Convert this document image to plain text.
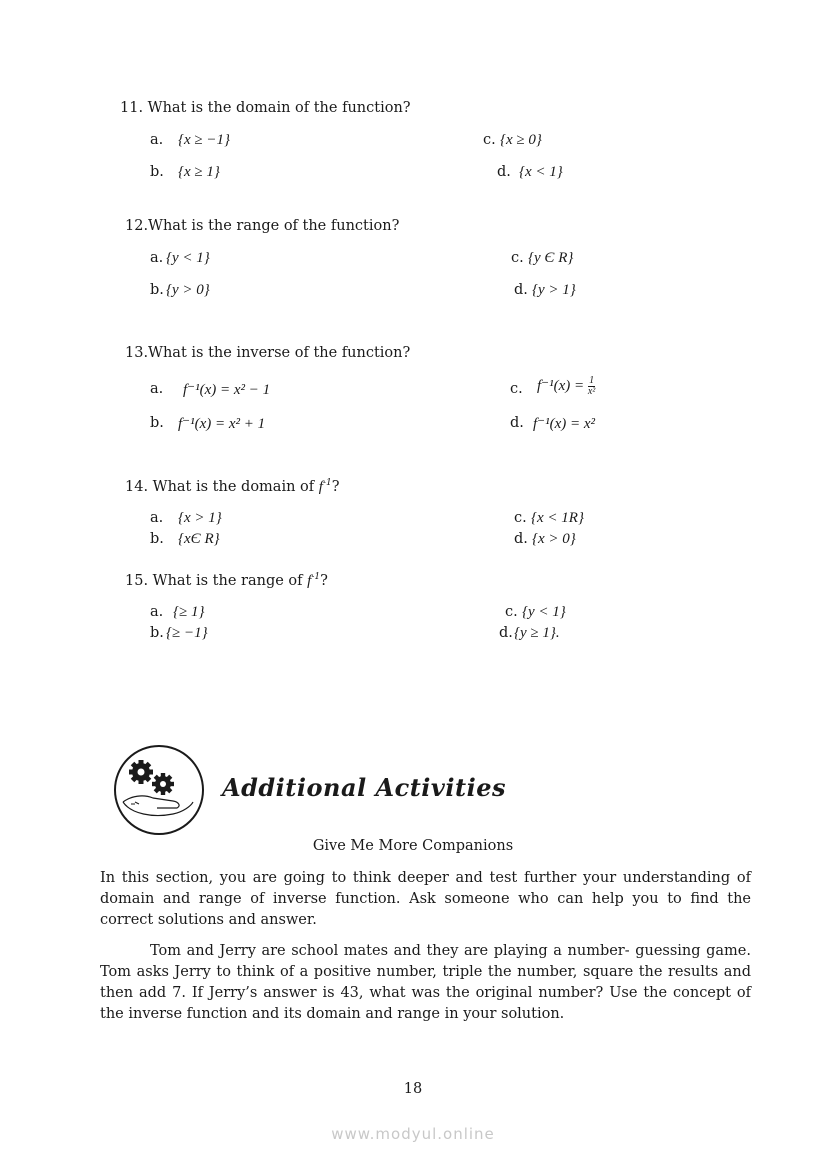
11. What is the domain of the function?
a. {x ≥ −1}	c. {x ≥ 0}
b. {x ≥ 1}	d. {x < 1}
12.What is the range of the function?
a. {y < 1}	c. {y Є R}
b. {y > 0}	d. {y > 1}
13.What is the inverse of the function?
a. f⁻¹(x) = x² − 1	c. $f^{-1}(x) = \frac{1}{\text{x²}}$
b. f⁻¹(x) = x² + 1	d. f⁻¹(x) = x²
14. What is the domain of $f^{-1}$?
a. {x > 1}	c. {x < 1R}
b. {xЄ R}	d. {x > 0}
15. What is the range of $f^{-1}$?
a. {≥ 1}	c. {y < 1}
b. {≥ −1}	d. {y ≥ 1}.
Additional Activities
Give Me More Companions
In this section, you are going to think deeper and test further your understanding of domain and range of inverse function. Ask someone who can help you to find the correct solutions and answer.
Tom and Jerry are school mates and they are playing a number- guessing game. Tom asks Jerry to think of a positive number, triple the number, square the results and then add 7. If Jerry’s answer is 43, what was the original number? Use the concept of the inverse function and its domain and range in your solution.
18
www.modyul.online
